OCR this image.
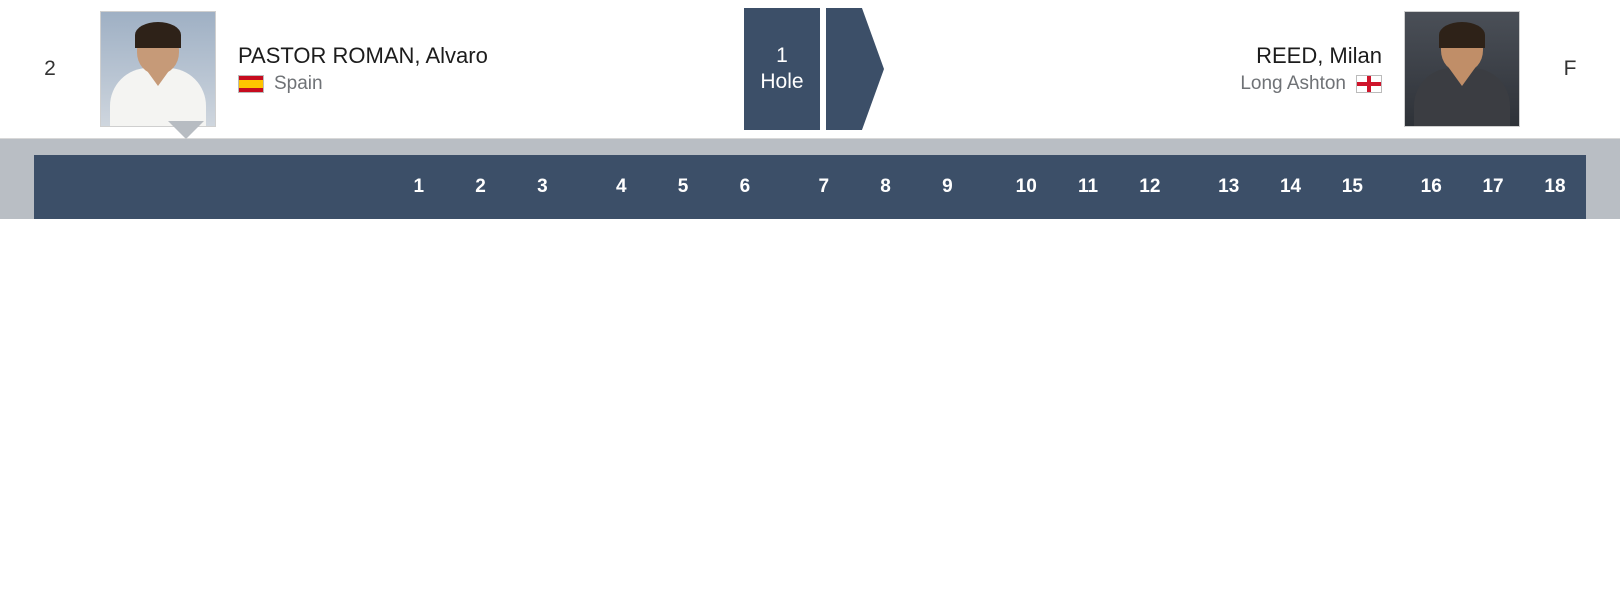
2
PASTOR ROMAN, Alvaro
Spain
1
Hole
REED, Milan
Long Ashton
F
	1	2	3		4	5	6		7	8	9		10	11	12		13	14	15		16	17	18
